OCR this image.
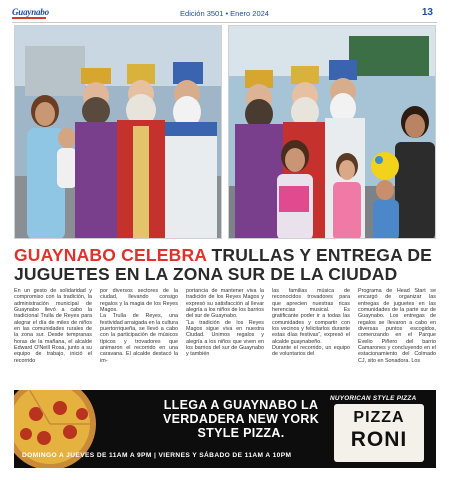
Guaynabo	Edición 3501 • Enero 2024	13
GUAYNABO CELEBRA TRULLAS Y ENTREGA DE JUGUETES EN LA ZONA SUR DE LA CIUDAD
En un gesto de solidaridad y compromiso con la tradición, la administración municipal de Guaynabo llevó a cabo la tradicional Trulla de Reyes para alegrar el día de miles de niños en las comunidades rurales de la zona sur. Desde tempranas horas de la mañana, el alcalde Edward O'Neill Rosa, junto a su equipo de trabajo, inició el recorrido
por diversos sectores de la ciudad, llevando consigo regalos y la magia de los Reyes Magos.
La Trulla de Reyes, una festividad arraigada en la cultura puertorriqueña, se llevó a cabo con la participación de músicos típicos y trovadores que animaron el recorrido en una caravana. El alcalde destacó la im-
portancia de mantener viva la tradición de los Reyes Magos y expresó su satisfacción al llevar alegría a los niños de los barrios del sur de Guaynabo.
“La tradición de los Reyes Magos sigue viva en nuestra Ciudad. Unimos regalos y alegría a los niños que viven en los barrios del sur de Guaynabo y también
las familias música de reconocidos trovadores para que aprecien nuestras ricas herencias musical. Es gratificante poder ir a todas las comunidades y compartir con los vecinos y felicitarlos durante estas días festivas”, expresó el alcalde guaynabeño.
Durante el recorrido, un equipo de voluntarios del
Programa de Head Start se encargó de organizar las entregas de juguetes en las comunidades de la parte sur de Guaynabo. Los entregas de regalos se llevaron a cabo en diversas puntos escogidos, comenzando en el Parque Evelio Piñero del barrio Camarones y concluyendo en el estacionamiento del Colmado CJ, sito en Sonadora. Los
LLEGA A GUAYNABO LA VERDADERA NEW YORK STYLE PIZZA.
DOMINGO A JUEVES DE 11AM A 9PM | VIERNES Y SÁBADO DE 11AM A 10PM
NUYORICAN STYLE PIZZA
PIZZA
RONI
